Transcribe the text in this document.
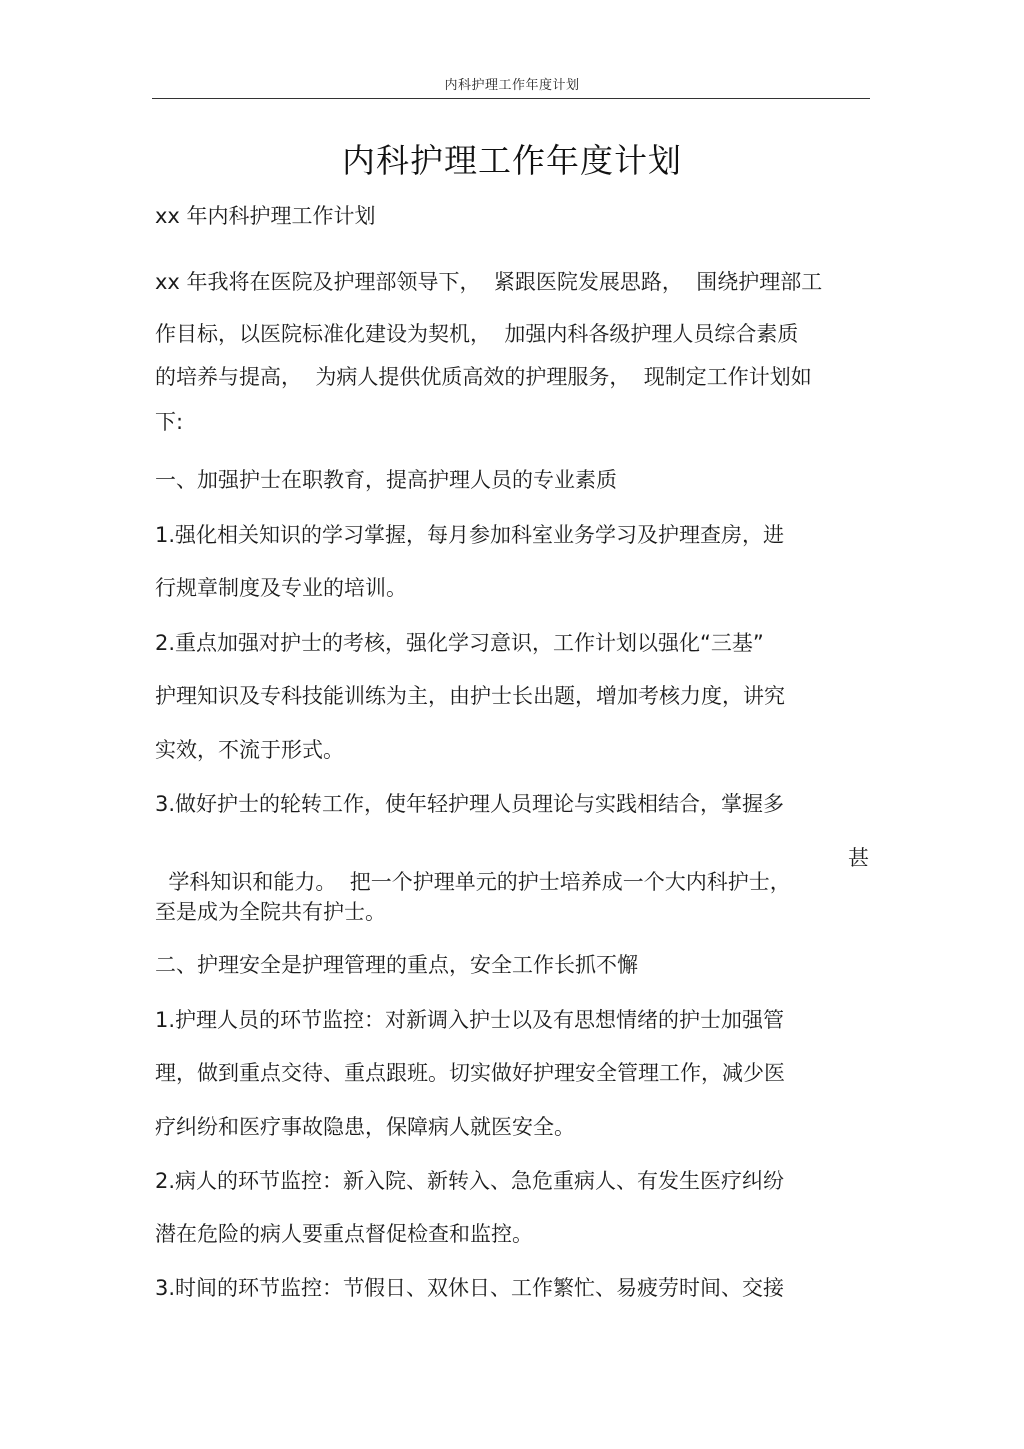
内科护理工作年度计划
内科护理工作年度计划
xx 年内科护理工作计划
xx 年我将在医院及护理部领导下，  紧跟医院发展思路，  围绕护理部工
作目标，以医院标准化建设为契机，  加强内科各级护理人员综合素质
的培养与提高，  为病人提供优质高效的护理服务，  现制定工作计划如
下:
一、加强护士在职教育，提高护理人员的专业素质
1.强化相关知识的学习掌握，每月参加科室业务学习及护理查房，进
行规章制度及专业的培训。
2.重点加强对护士的考核，强化学习意识，工作计划以强化“三基”
护理知识及专科技能训练为主，由护士长出题，增加考核力度，讲究
实效，不流于形式。
3.做好护士的轮转工作，使年轻护理人员理论与实践相结合，掌握多

学科知识和能力。  把一个护理单元的护士培养成一个大内科护士，

甚

至是成为全院共有护士。
二、护理安全是护理管理的重点，安全工作长抓不懈
1.护理人员的环节监控：对新调入护士以及有思想情绪的护士加强管
理，做到重点交待、重点跟班。切实做好护理安全管理工作，减少医
疗纠纷和医疗事故隐患，保障病人就医安全。
2.病人的环节监控：新入院、新转入、急危重病人、有发生医疗纠纷
潜在危险的病人要重点督促检查和监控。
3.时间的环节监控：节假日、双休日、工作繁忙、易疲劳时间、交接
